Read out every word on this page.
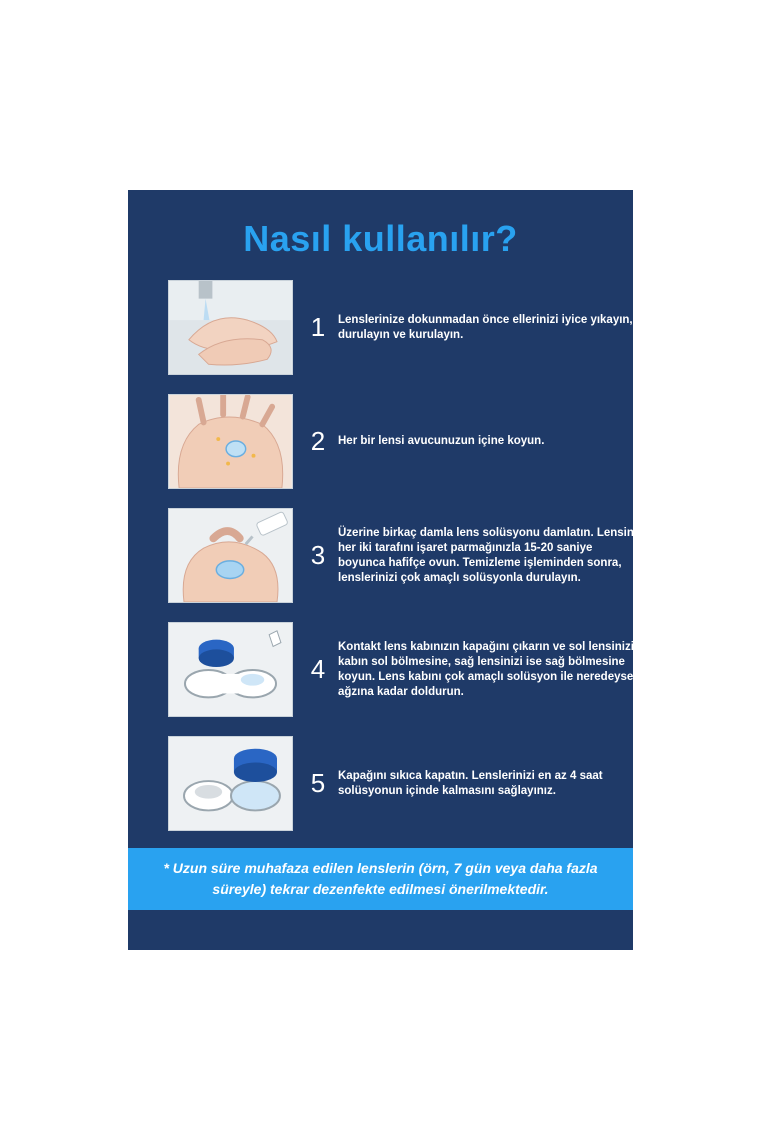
Nasıl kullanılır?
1	Lenslerinize dokunmadan önce ellerinizi iyice yıkayın, durulayın ve kurulayın.
2	Her bir lensi avucunuzun içine koyun.
3
Üzerine birkaç damla lens solüsyonu damlatın. Lensin her iki tarafını işaret parmağınızla 15-20 saniye boyunca hafifçe ovun. Temizleme işleminden sonra, lenslerinizi çok amaçlı solüsyonla durulayın.
4
Kontakt lens kabınızın kapağını çıkarın ve sol lensinizi kabın sol bölmesine, sağ lensinizi ise sağ bölmesine koyun. Lens kabını çok amaçlı solüsyon ile neredeyse ağzına kadar doldurun.
5	Kapağını sıkıca kapatın. Lenslerinizi en az 4 saat solüsyonun içinde kalmasını sağlayınız.
* Uzun süre muhafaza edilen lenslerin (örn, 7 gün veya daha fazla süreyle) tekrar dezenfekte edilmesi önerilmektedir.
